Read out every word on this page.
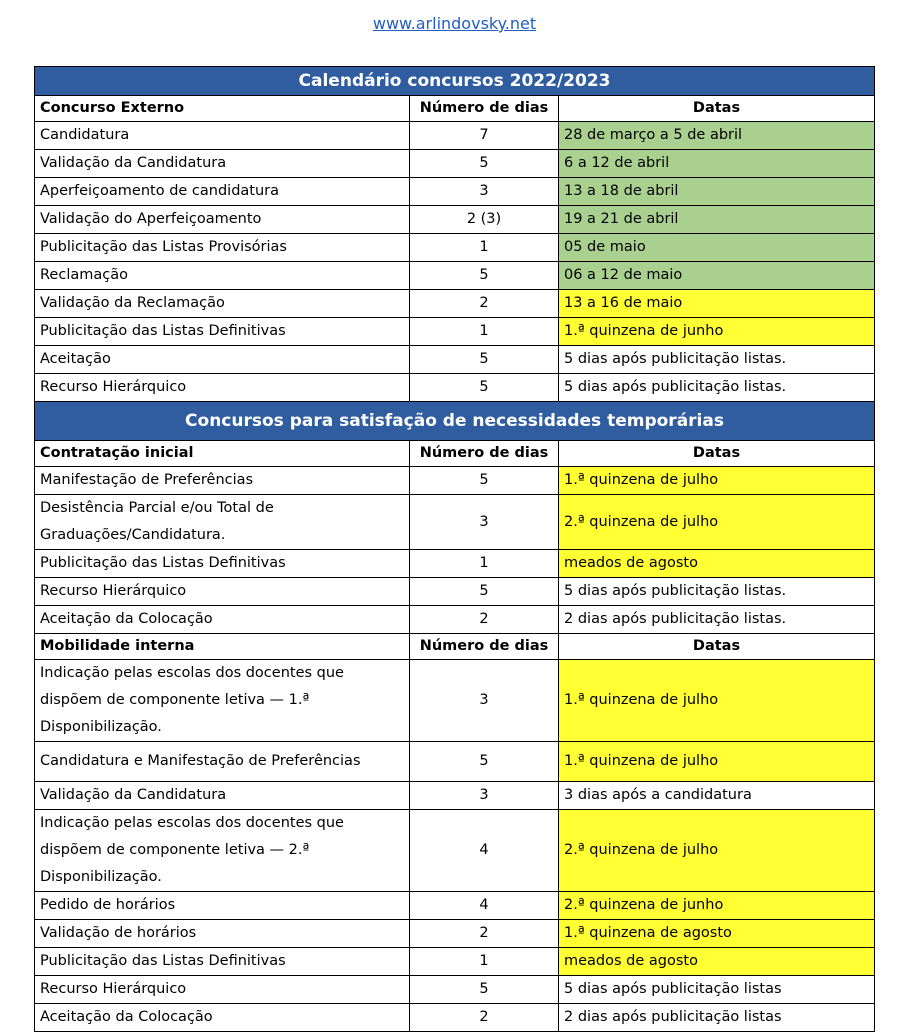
www.arlindovsky.net
Calendário concursos 2022/2023		
Concurso Externo	Número de dias	Datas
Candidatura	7	28 de março a 5 de abril
Validação da Candidatura	5	6 a 12 de abril
Aperfeiçoamento de candidatura	3	13 a 18 de abril
Validação do Aperfeiçoamento	2 (3)	19 a 21 de abril
Publicitação das Listas Provisórias	1	05 de maio
Reclamação	5	06 a 12 de maio
Validação da Reclamação	2	13 a 16 de maio
Publicitação das Listas Definitivas	1	1.ª quinzena de junho
Aceitação	5	5 dias após publicitação listas.
Recurso Hierárquico	5	5 dias após publicitação listas.
Concursos para satisfação de necessidades temporárias		
Contratação inicial	Número de dias	Datas
Manifestação de Preferências	5	1.ª quinzena de julho
Desistência Parcial e/ou Total de Graduações/Candidatura.	3	2.ª quinzena de julho
Publicitação das Listas Definitivas	1	meados de agosto
Recurso Hierárquico	5	5 dias após publicitação listas.
Aceitação da Colocação	2	2 dias após publicitação listas.
Mobilidade interna	Número de dias	Datas
Indicação pelas escolas dos docentes que dispõem de componente letiva — 1.ª Disponibilização.	3	1.ª quinzena de julho
Candidatura e Manifestação de Preferências	5	1.ª quinzena de julho
Validação da Candidatura	3	3 dias após a candidatura
Indicação pelas escolas dos docentes que dispõem de componente letiva — 2.ª Disponibilização.	4	2.ª quinzena de julho
Pedido de horários	4	2.ª quinzena de junho
Validação de horários	2	1.ª quinzena de agosto
Publicitação das Listas Definitivas	1	meados de agosto
Recurso Hierárquico	5	5 dias após publicitação listas
Aceitação da Colocação	2	2 dias após publicitação listas
